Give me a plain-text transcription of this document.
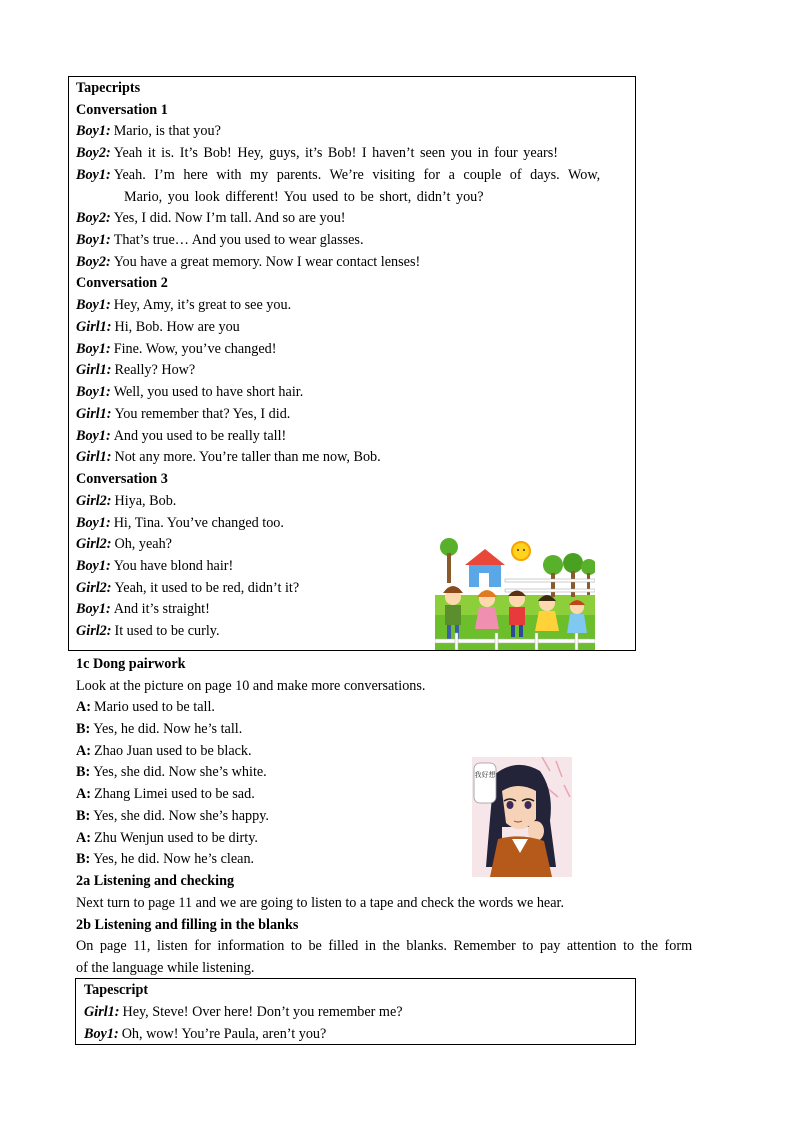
Tapecripts
Conversation 1
Boy1: Mario, is that you?
Boy2: Yeah it is. It’s Bob! Hey, guys, it’s Bob! I haven’t seen you in four years!
Boy1: Yeah. I’m here with my parents. We’re visiting for a couple of days. Wow,
Mario, you look different! You used to be short, didn’t you?
Boy2: Yes, I did. Now I’m tall. And so are you!
Boy1: That’s true… And you used to wear glasses.
Boy2: You have a great memory. Now I wear contact lenses!
Conversation 2
Boy1: Hey, Amy, it’s great to see you.
Girl1: Hi, Bob. How are you
Boy1: Fine. Wow, you’ve changed!
Girl1: Really? How?
Boy1: Well, you used to have short hair.
Girl1: You remember that? Yes, I did.
Boy1: And you used to be really tall!
Girl1: Not any more. You’re taller than me now, Bob.
Conversation 3
Girl2: Hiya, Bob.
Boy1: Hi, Tina. You’ve changed too.
Girl2: Oh, yeah?
Boy1: You have blond hair!
Girl2: Yeah, it used to be red, didn’t it?
Boy1: And it’s straight!
Girl2: It used to be curly.
1c Dong pairwork
Look at the picture on page 10 and make more conversations.
A: Mario used to be tall.
B: Yes, he did. Now he’s tall.
A: Zhao Juan used to be black.
B: Yes, she did. Now she’s white.
A: Zhang Limei used to be sad.
B: Yes, she did. Now she’s happy.
A: Zhu Wenjun used to be dirty.
B: Yes, he did. Now he’s clean.
我好想
2a Listening and checking
Next turn to page 11 and we are going to listen to a tape and check the words we hear.
2b Listening and filling in the blanks
On page 11, listen for information to be filled in the blanks. Remember to pay attention to the form
of the language while listening.
Tapescript
Girl1: Hey, Steve! Over here! Don’t you remember me?
Boy1: Oh, wow! You’re Paula, aren’t you?
